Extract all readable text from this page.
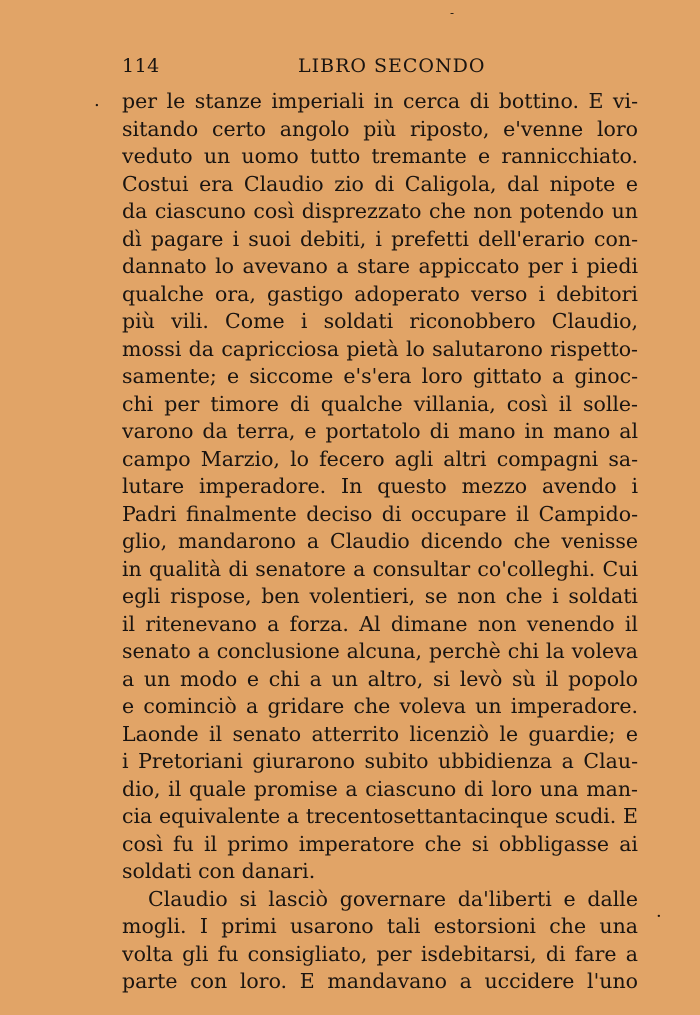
-
114	LIBRO SECONDO
. per le stanze imperiali in cerca di bottino. E vi-
sitando certo angolo più riposto, e'venne loro
veduto un uomo tutto tremante e rannicchiato.
Costui era Claudio zio di Caligola, dal nipote e
da ciascuno così disprezzato che non potendo un
dì pagare i suoi debiti, i prefetti dell'erario con-
dannato lo avevano a stare appiccato per i piedi
qualche ora, gastigo adoperato verso i debitori
più vili. Come i soldati riconobbero Claudio,
mossi da capricciosa pietà lo salutarono rispetto-
samente; e siccome e's'era loro gittato a ginoc-
chi per timore di qualche villania, così il solle-
varono da terra, e portatolo di mano in mano al
campo Marzio, lo fecero agli altri compagni sa-
lutare imperadore. In questo mezzo avendo i
Padri finalmente deciso di occupare il Campido-
glio, mandarono a Claudio dicendo che venisse
in qualità di senatore a consultar co'colleghi. Cui
egli rispose, ben volentieri, se non che i soldati
il ritenevano a forza. Al dimane non venendo il
senato a conclusione alcuna, perchè chi la voleva
a un modo e chi a un altro, si levò sù il popolo
e cominciò a gridare che voleva un imperadore.
Laonde il senato atterrito licenziò le guardie; e
i Pretoriani giurarono subito ubbidienza a Clau-
dio, il quale promise a ciascuno di loro una man-
cia equivalente a trecentosettantacinque scudi. E
così fu il primo imperatore che si obbligasse ai
soldati con danari.
Claudio si lasciò governare da'liberti e dalle
mogli. I primi usarono tali estorsioni che una
volta gli fu consigliato, per isdebitarsi, di fare a
parte con loro. E mandavano a uccidere l'uno
·
